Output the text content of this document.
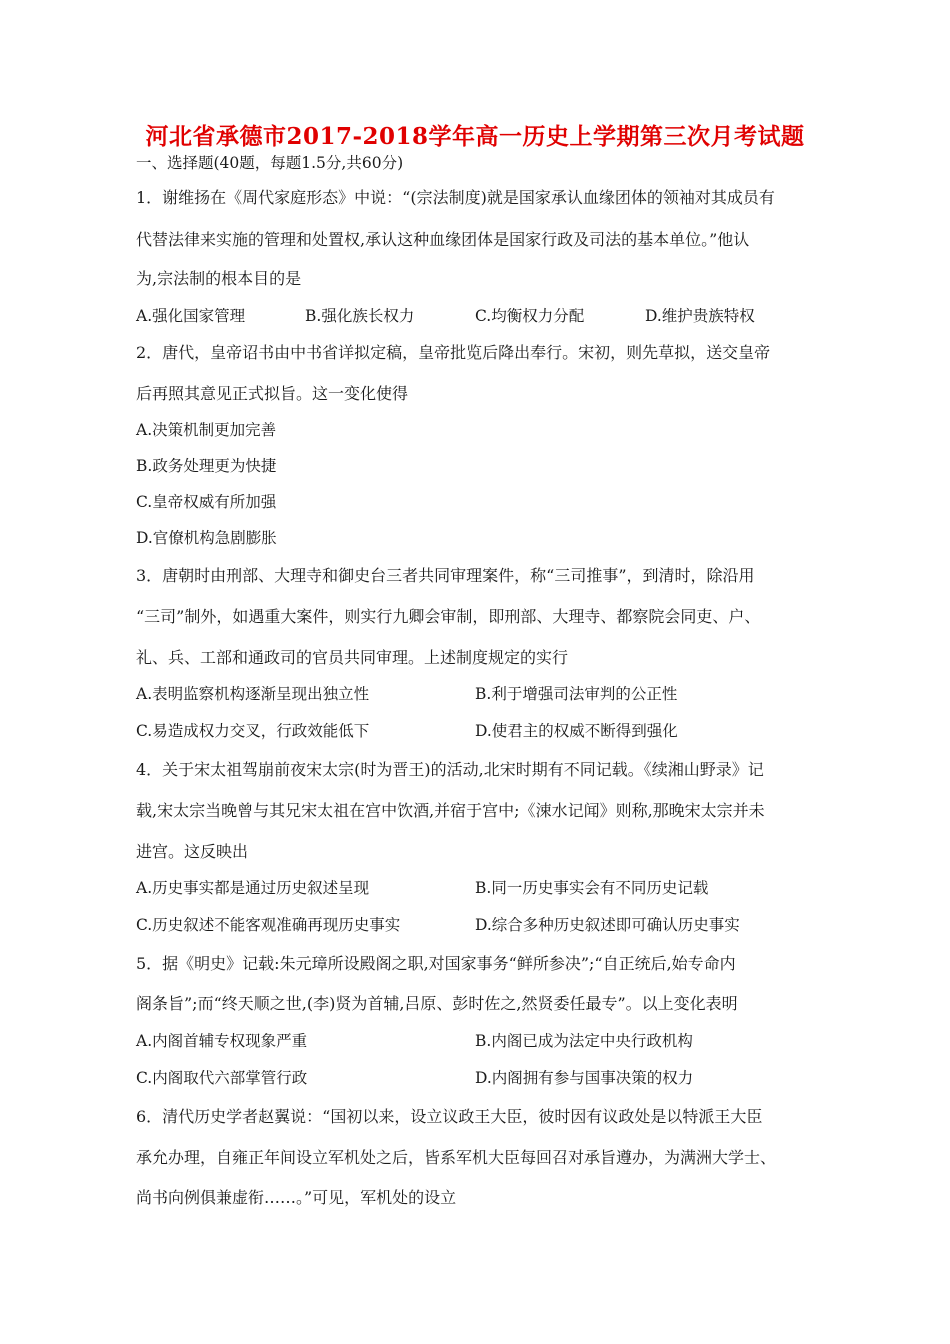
河北省承德市2017-2018学年高一历史上学期第三次月考试题
一、选择题(40题，每题1.5分,共60分)
1．谢维扬在《周代家庭形态》中说：“(宗法制度)就是国家承认血缘团体的领袖对其成员有
代替法律来实施的管理和处置权,承认这种血缘团体是国家行政及司法的基本单位。”他认
为,宗法制的根本目的是
A.强化国家管理	B.强化族长权力	C.均衡权力分配	D.维护贵族特权
2．唐代，皇帝诏书由中书省详拟定稿，皇帝批览后降出奉行。宋初，则先草拟，送交皇帝
后再照其意见正式拟旨。这一变化使得
A.决策机制更加完善
B.政务处理更为快捷
C.皇帝权威有所加强
D.官僚机构急剧膨胀
3．唐朝时由刑部、大理寺和御史台三者共同审理案件，称“三司推事”，到清时，除沿用
“三司”制外，如遇重大案件，则实行九卿会审制，即刑部、大理寺、都察院会同吏、户、
礼、兵、工部和通政司的官员共同审理。上述制度规定的实行
A.表明监察机构逐渐呈现出独立性	B.利于增强司法审判的公正性
C.易造成权力交叉，行政效能低下	D.使君主的权威不断得到强化
4．关于宋太祖驾崩前夜宋太宗(时为晋王)的活动,北宋时期有不同记载。《续湘山野录》记
载,宋太宗当晚曾与其兄宋太祖在宫中饮酒,并宿于宫中;《涑水记闻》则称,那晚宋太宗并未
进宫。这反映出
A.历史事实都是通过历史叙述呈现	B.同一历史事实会有不同历史记载
C.历史叙述不能客观准确再现历史事实	D.综合多种历史叙述即可确认历史事实
5．据《明史》记载:朱元璋所设殿阁之职,对国家事务“鲜所参决”;“自正统后,始专命内
阁条旨”;而“终天顺之世,(李)贤为首辅,吕原、彭时佐之,然贤委任最专”。以上变化表明
A.内阁首辅专权现象严重	B.内阁已成为法定中央行政机构
C.内阁取代六部掌管行政	D.内阁拥有参与国事决策的权力
6．清代历史学者赵翼说：“国初以来，设立议政王大臣，彼时因有议政处是以特派王大臣
承允办理，自雍正年间设立军机处之后，皆系军机大臣每回召对承旨遵办，为满洲大学士、
尚书向例俱兼虚衔……。”可见，军机处的设立
